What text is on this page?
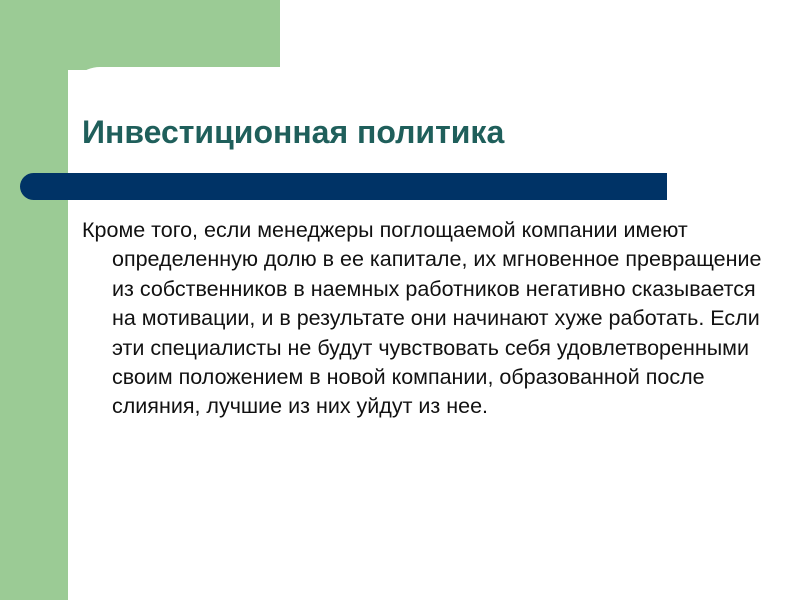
Инвестиционная политика

Кроме того, если менеджеры поглощаемой компании имеют определенную долю в ее капитале, их мгновенное превращение из собственников в наемных работников негативно сказывается на мотивации, и в результате они начинают хуже работать. Если эти специалисты не будут чувствовать себя удовлетворенными своим положением в новой компании, образованной после слияния, лучшие из них уйдут из нее.
